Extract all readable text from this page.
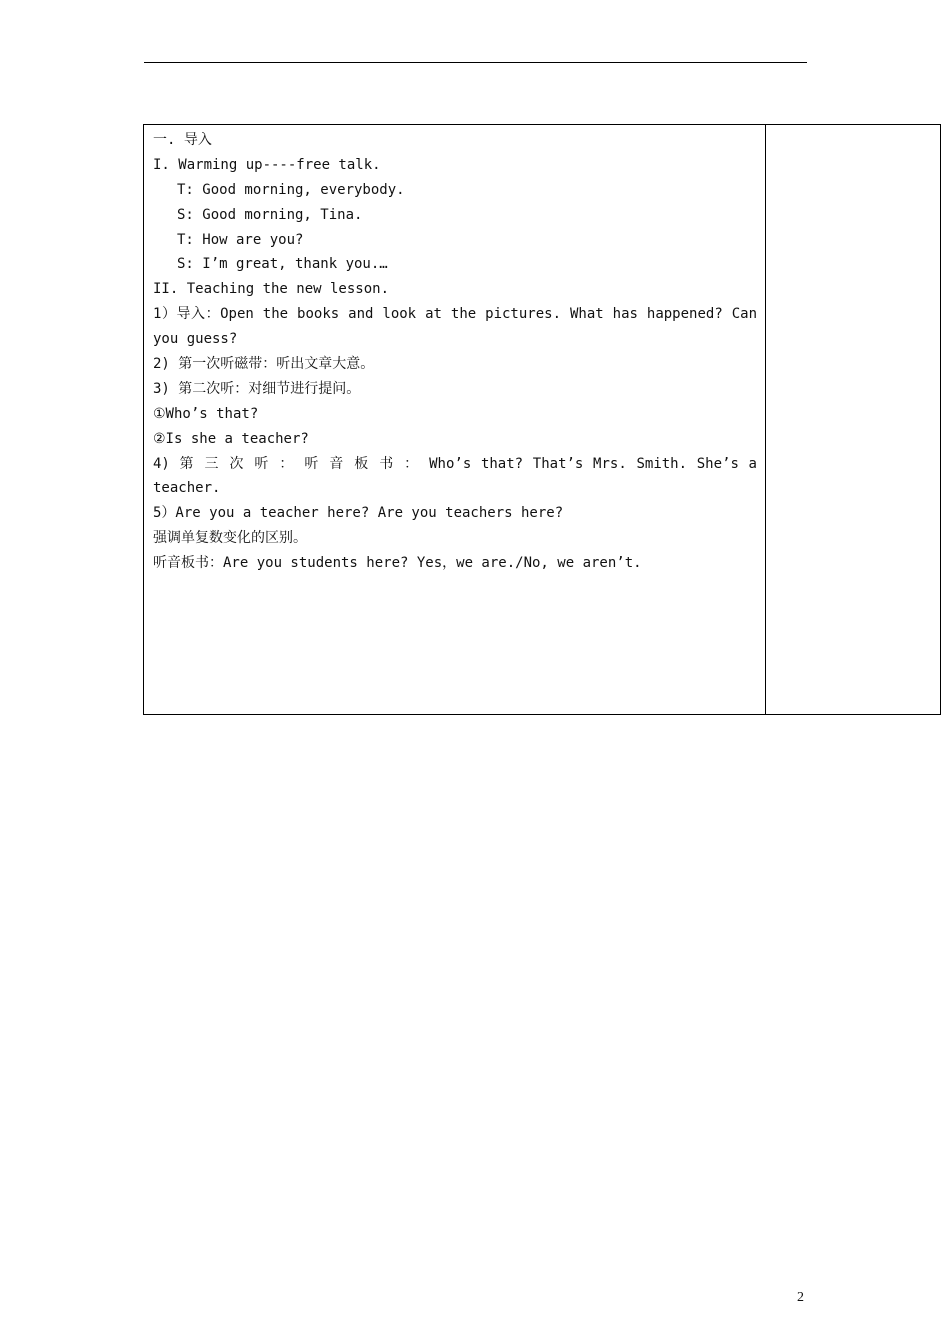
一. 导入
I. Warming up----free talk.
T: Good morning, everybody.
S: Good morning, Tina.
T: How are you?
S: I’m great, thank you.…
II. Teaching the new lesson.
1）导入：Open the books and look at the pictures. What has happened? Can
you guess?
2) 第一次听磁带：听出文章大意。
3) 第二次听：对细节进行提问。
①Who’s that?
②Is she a teacher?
4) 第 三 次 听 ： 听 音 板 书 ： Who’s that? That’s Mrs. Smith. She’s a
teacher.
5）Are you a teacher here? Are you teachers here?
强调单复数变化的区别。
听音板书：Are you students here? Yes，we are./No, we aren’t.
2
